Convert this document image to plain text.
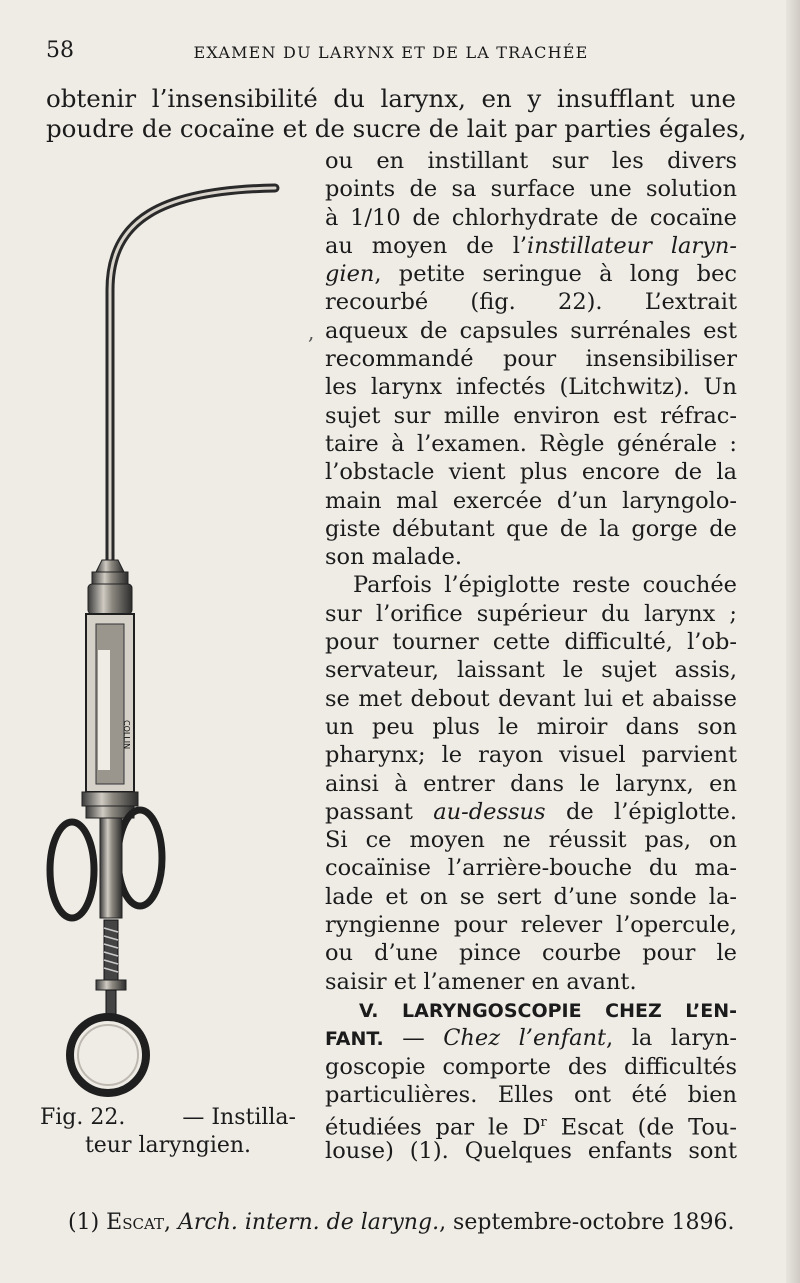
58	EXAMEN DU LARYNX ET DE LA TRACHÉE
obtenir l’insensibilité du larynx, en y insufflant une
poudre de cocaïne et de sucre de lait par parties égales,
ou en instillant sur les divers
points de sa surface une solution
à 1/10 de chlorhydrate de cocaïne
au moyen de l’instillateur laryn-
gien, petite seringue à long bec
recourbé (fig. 22). L’extrait
aqueux de capsules surrénales est
recommandé pour insensibiliser
les larynx infectés (Litchwitz). Un
sujet sur mille environ est réfrac-
taire à l’examen. Règle générale :
l’obstacle vient plus encore de la
main mal exercée d’un laryngolo-
giste débutant que de la gorge de
son malade.
Parfois l’épiglotte reste couchée
sur l’orifice supérieur du larynx ;
pour tourner cette difficulté, l’ob-
servateur, laissant le sujet assis,
se met debout devant lui et abaisse
un peu plus le miroir dans son
pharynx; le rayon visuel parvient
ainsi à entrer dans le larynx, en
passant au-dessus de l’épiglotte.
Si ce moyen ne réussit pas, on
cocaïnise l’arrière-bouche du ma-
lade et on se sert d’une sonde la-
ryngienne pour relever l’opercule,
ou d’une pince courbe pour le
saisir et l’amener en avant.
V. LARYNGOSCOPIE CHEZ L’EN-
FANT. — Chez l’enfant, la laryn-
goscopie comporte des difficultés
particulières. Elles ont été bien
étudiées par le $D^r$ Escat (de Tou-
louse) (1). Quelques enfants sont
COLLIN
Fig. 22.	— Instilla-
teur laryngien.
(1) Escat, Arch. intern. de laryng., septembre-octobre 1896.
,
